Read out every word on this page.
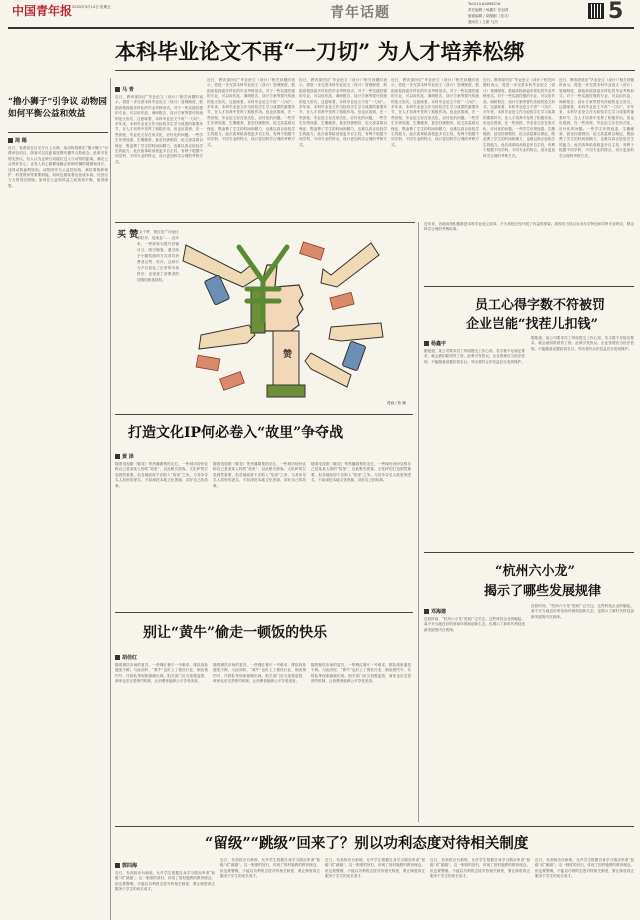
中国青年报 2025年3月14日 星期五	青年话题
Tel:010-64098216
责任编辑 / 杨鑫宇 任冠青
版面编辑 / 胡继刚（见习）
通讯员 / 王雄 马杰	5
本科毕业论文不再“一刀切” 为人才培养松绑
马 青
近日，教育部回应“毕业论文（设计）”相关问题时表示，将进一步完善本科毕业论文（设计）管理制度，鼓励高校探索多样化的毕业考核形式。对于一些实践性强的专业，可以用作品、调研报告、设计方案等替代传统的论文形式。这意味着，本科毕业论文不再“一刀切”。多年来，本科毕业论文作为检验学生学习成果的重要环节，在人才培养中发挥了积极作用。但也应看到，在一些高校，毕业论文存在形式化、应付化的问题。一些学生东拼西凑、生搬硬套，甚至抄袭剽窃，论文质量难以保证，既浪费了学生的时间和精力，也难以真正检验学生的能力。此次改革给高校更多自主权，有利于根据不同学科、不同专业的特点，设计更加科学合理的考核方式。
近日，教育部回应“毕业论文（设计）”相关问题时表示，将进一步完善本科毕业论文（设计）管理制度，鼓励高校探索多样化的毕业考核形式。对于一些实践性强的专业，可以用作品、调研报告、设计方案等替代传统的论文形式。这意味着，本科毕业论文不再“一刀切”。多年来，本科毕业论文作为检验学生学习成果的重要环节，在人才培养中发挥了积极作用。但也应看到，在一些高校，毕业论文存在形式化、应付化的问题。一些学生东拼西凑、生搬硬套，甚至抄袭剽窃，论文质量难以保证，既浪费了学生的时间和精力，也难以真正检验学生的能力。此次改革给高校更多自主权，有利于根据不同学科、不同专业的特点，设计更加科学合理的考核方式。
近日，教育部回应“毕业论文（设计）”相关问题时表示，将进一步完善本科毕业论文（设计）管理制度，鼓励高校探索多样化的毕业考核形式。对于一些实践性强的专业，可以用作品、调研报告、设计方案等替代传统的论文形式。这意味着，本科毕业论文不再“一刀切”。多年来，本科毕业论文作为检验学生学习成果的重要环节，在人才培养中发挥了积极作用。但也应看到，在一些高校，毕业论文存在形式化、应付化的问题。一些学生东拼西凑、生搬硬套，甚至抄袭剽窃，论文质量难以保证，既浪费了学生的时间和精力，也难以真正检验学生的能力。此次改革给高校更多自主权，有利于根据不同学科、不同专业的特点，设计更加科学合理的考核方式。
近日，教育部回应“毕业论文（设计）”相关问题时表示，将进一步完善本科毕业论文（设计）管理制度，鼓励高校探索多样化的毕业考核形式。对于一些实践性强的专业，可以用作品、调研报告、设计方案等替代传统的论文形式。这意味着，本科毕业论文不再“一刀切”。多年来，本科毕业论文作为检验学生学习成果的重要环节，在人才培养中发挥了积极作用。但也应看到，在一些高校，毕业论文存在形式化、应付化的问题。一些学生东拼西凑、生搬硬套，甚至抄袭剽窃，论文质量难以保证，既浪费了学生的时间和精力，也难以真正检验学生的能力。此次改革给高校更多自主权，有利于根据不同学科、不同专业的特点，设计更加科学合理的考核方式。
近日，教育部回应“毕业论文（设计）”相关问题时表示，将进一步完善本科毕业论文（设计）管理制度，鼓励高校探索多样化的毕业考核形式。对于一些实践性强的专业，可以用作品、调研报告、设计方案等替代传统的论文形式。这意味着，本科毕业论文不再“一刀切”。多年来，本科毕业论文作为检验学生学习成果的重要环节，在人才培养中发挥了积极作用。但也应看到，在一些高校，毕业论文存在形式化、应付化的问题。一些学生东拼西凑、生搬硬套，甚至抄袭剽窃，论文质量难以保证，既浪费了学生的时间和精力，也难以真正检验学生的能力。此次改革给高校更多自主权，有利于根据不同学科、不同专业的特点，设计更加科学合理的考核方式。
近日，教育部回应“毕业论文（设计）”相关问题时表示，将进一步完善本科毕业论文（设计）管理制度，鼓励高校探索多样化的毕业考核形式。对于一些实践性强的专业，可以用作品、调研报告、设计方案等替代传统的论文形式。这意味着，本科毕业论文不再“一刀切”。多年来，本科毕业论文作为检验学生学习成果的重要环节，在人才培养中发挥了积极作用。但也应看到，在一些高校，毕业论文存在形式化、应付化的问题。一些学生东拼西凑、生搬硬套，甚至抄袭剽窃，论文质量难以保证，既浪费了学生的时间和精力，也难以真正检验学生的能力。此次改革给高校更多自主权，有利于根据不同学科、不同专业的特点，设计更加科学合理的考核方式。
“撸小狮子”引争议 动物园如何平衡公益和效益
周 稀
近日，有游客在社交平台上反映，某动物园推出“撸小狮子”付费体验项目，游客可以近距离抚摸幼狮并合影留念。此事引发网友热议。有人认为这种互动能拉近人与动物的距离，满足公众的好奇心；也有人担心频繁接触会影响幼狮的健康和成长，违背动物福利原则。动物园作为公益性机构，承担着物种保护、科普教育等重要职能，同时也面临着运营成本高、经营压力大的现实困境。如何在公益和效益之间找到平衡，值得深思。
买 赞
“点个赞，领红包”“评论区刷好评，返现金”……近年来，一些商家为提升店铺评分、吸引顾客，通过给予小额奖励的方式诱导消费者点赞、好评。这种行为不仅扰乱了正常的市场秩序，也侵害了消费者的知情权和选择权。
漫画 / 张 鹏
赞
打造文化IP何必卷入“故里”争夺战
黄 泽
随着电视剧《繁花》等热播剧集的走红，一些城市纷纷宣称自己是某某人物的“故里”，以此吸引游客。文化IP的打造固然重要，但各地政府不应陷入“故里”之争。与其争夺名人故里的虚名，不如深挖本地文化资源，讲好自己的故事。
随着电视剧《繁花》等热播剧集的走红，一些城市纷纷宣称自己是某某人物的“故里”，以此吸引游客。文化IP的打造固然重要，但各地政府不应陷入“故里”之争。与其争夺名人故里的虚名，不如深挖本地文化资源，讲好自己的故事。
随着电视剧《繁花》等热播剧集的走红，一些城市纷纷宣称自己是某某人物的“故里”，以此吸引游客。文化IP的打造固然重要，但各地政府不应陷入“故里”之争。与其争夺名人故里的虚名，不如深挖本地文化资源，讲好自己的故事。
别让“黄牛”偷走一顿饭的快乐
胡佳红
随着餐饮市场的复苏，一些网红餐厅一号难求，排队现象屡见不鲜。与此同时，“黄牛”也盯上了餐饮行业，倒卖预约号、代排队等现象频频出现。相关部门应当加强监管，商家也应完善预约机制，让消费者能够公平享受美食。
随着餐饮市场的复苏，一些网红餐厅一号难求，排队现象屡见不鲜。与此同时，“黄牛”也盯上了餐饮行业，倒卖预约号、代排队等现象频频出现。相关部门应当加强监管，商家也应完善预约机制，让消费者能够公平享受美食。
随着餐饮市场的复苏，一些网红餐厅一号难求，排队现象屡见不鲜。与此同时，“黄牛”也盯上了餐饮行业，倒卖预约号、代排队等现象频频出现。相关部门应当加强监管，商家也应完善预约机制，让消费者能够公平享受美食。
近年来，各地高校积极推进本科毕业论文改革，不少高校已经开展了有益的探索。高校应当结合自身办学特色和学科专业特点，制定科学合理的考核标准。
员工心得字数不符被罚
企业岂能“找茬儿扣钱”
杨鑫宇
据报道，某公司要求员工每周提交工作心得，若字数不足规定要求，就会被扣除绩效工资。此事引发热议。企业管理应当依法依规，不能随意设置扣钱名目。劳动者的合法权益应当受到保护。
据报道，某公司要求员工每周提交工作心得，若字数不足规定要求，就会被扣除绩效工资。此事引发热议。企业管理应当依法依规，不能随意设置扣钱名目。劳动者的合法权益应当受到保护。
“杭州六小龙”
揭示了哪些发展规律
邓海建
近段时间，“杭州六小龙”受到广泛关注。这些科技企业的崛起，离不开当地良好的营商环境和创新生态，也揭示了新时代科技创新发展的内在规律。
近段时间，“杭州六小龙”受到广泛关注。这些科技企业的崛起，离不开当地良好的营商环境和创新生态，也揭示了新时代科技创新发展的内在规律。
“留级”“跳级”回来了？别以功利态度对待相关制度
郭四海
近日，有高校出台新规，允许学生根据自身学习情况申请“留级”或“跳级”。这一制度的回归，体现了因材施教的教育理念。但也要警惕，不能以功利的态度对待相关制度，要让制度真正服务于学生的成长成才。
近日，有高校出台新规，允许学生根据自身学习情况申请“留级”或“跳级”。这一制度的回归，体现了因材施教的教育理念。但也要警惕，不能以功利的态度对待相关制度，要让制度真正服务于学生的成长成才。
近日，有高校出台新规，允许学生根据自身学习情况申请“留级”或“跳级”。这一制度的回归，体现了因材施教的教育理念。但也要警惕，不能以功利的态度对待相关制度，要让制度真正服务于学生的成长成才。
近日，有高校出台新规，允许学生根据自身学习情况申请“留级”或“跳级”。这一制度的回归，体现了因材施教的教育理念。但也要警惕，不能以功利的态度对待相关制度，要让制度真正服务于学生的成长成才。
近日，有高校出台新规，允许学生根据自身学习情况申请“留级”或“跳级”。这一制度的回归，体现了因材施教的教育理念。但也要警惕，不能以功利的态度对待相关制度，要让制度真正服务于学生的成长成才。
